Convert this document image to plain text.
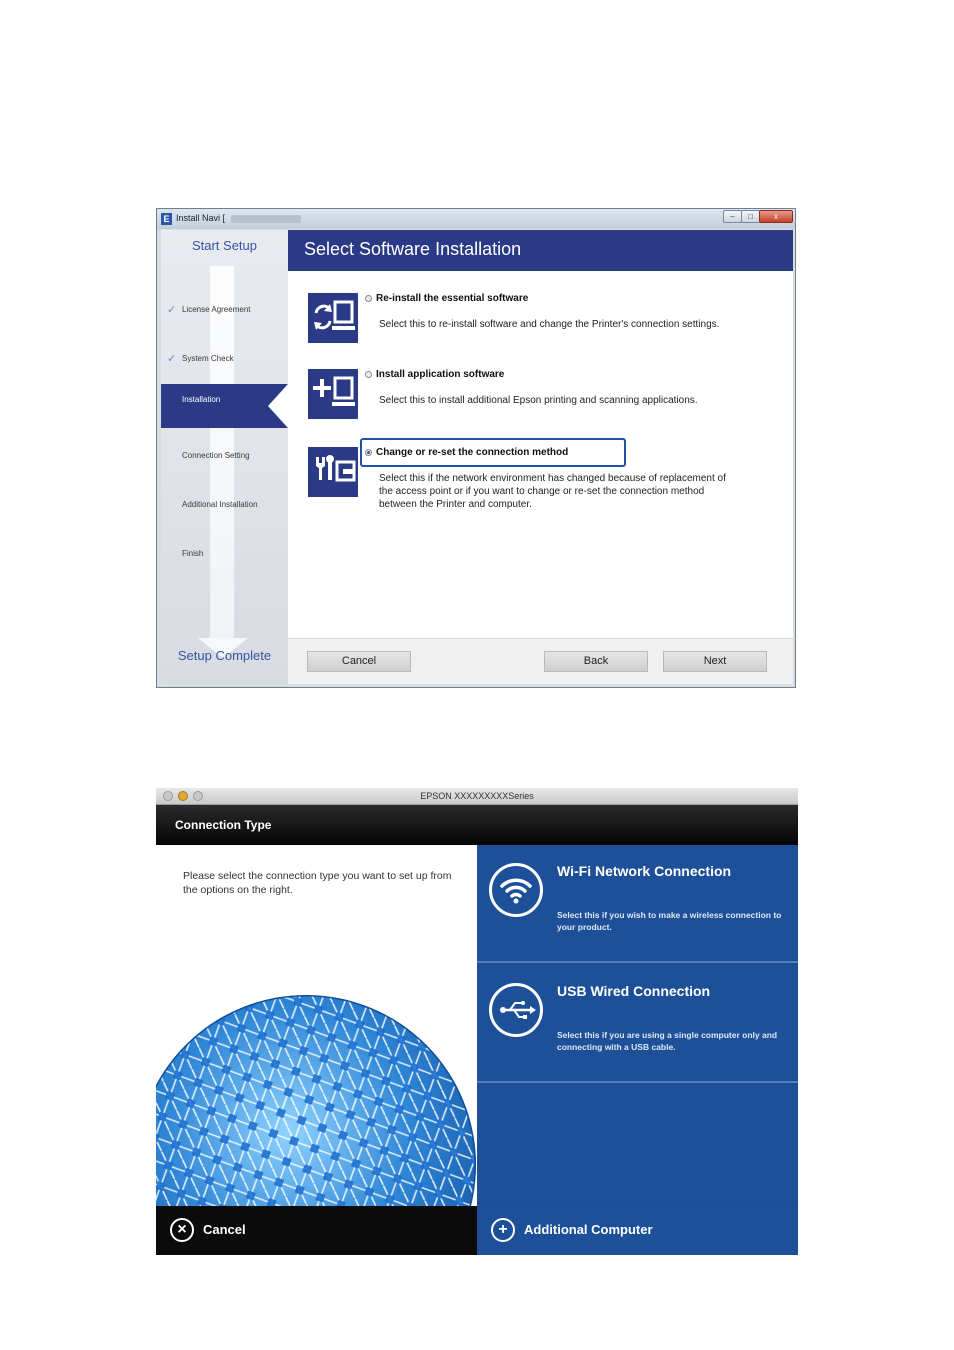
E Install Navi [	–	□	x
Start Setup
✓ License Agreement
✓ System Check
Installation
Connection Setting
Additional Installation
Finish
Setup Complete
Select Software Installation
Re-install the essential software
Select this to re-install software and change the Printer's connection settings.
Install application software
Select this to install additional Epson printing and scanning applications.
Change or re-set the connection method
Select this if the network environment has changed because of replacement of the access point or if you want to change or re-set the connection method between the Printer and computer.
Cancel	Back	Next
EPSON XXXXXXXXXSeries
Connection Type
Please select the connection type you want to set up from the options on the right.
Wi-Fi Network Connection
Select this if you wish to make a wireless connection to your product.
USB Wired Connection
Select this if you are using a single computer only and connecting with a USB cable.
×	Cancel	+	Additional Computer
